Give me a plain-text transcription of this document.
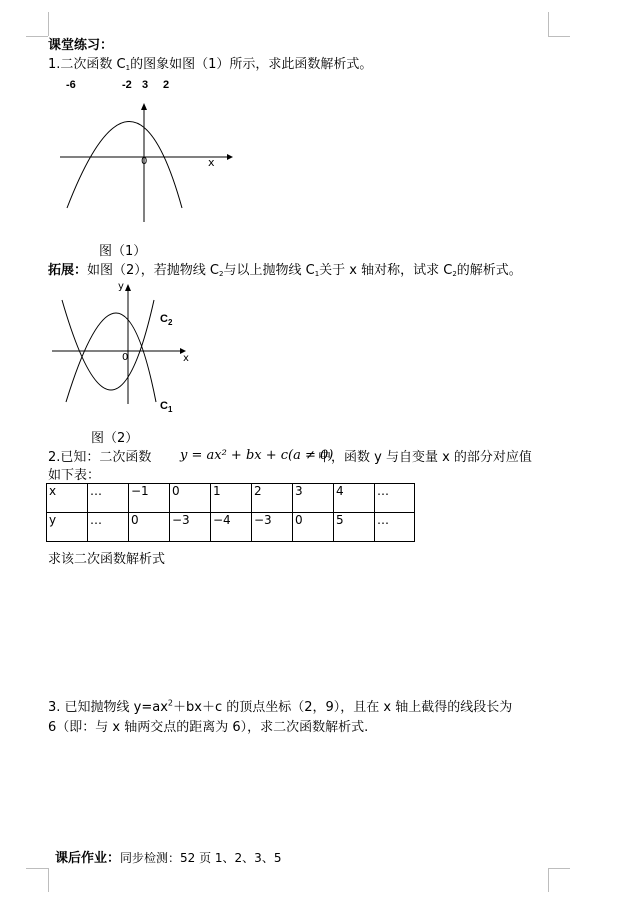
课堂练习：
1.二次函数 $C_1$的图象如图（1）所示，求此函数解析式。
-6	-2 3 2
x
0
图（1）
拓展：如图（2），若抛物线 $C_2$与以上抛物线 $C_1$关于 x 轴对称，试求 $C_2$的解析式。
y
x
0
$C_2$
$C_1$
图（2）
2.已知：二次函数 y = ax² + bx + c(a ≠ 0)
中，函数 y 与自变量 x 的部分对应值
如下表：
x	…	−1	0	1	2	3	4	…
y	…	0	−3	−4	−3	0	5	…
求该二次函数解析式
3. 已知抛物线 $y=ax^2+bx+c$ 的顶点坐标（2，9），且在 x 轴上截得的线段长为
6（即：与 x 轴两交点的距离为 6），求二次函数解析式.
课后作业：同步检测：52 页 1、2、3、5
